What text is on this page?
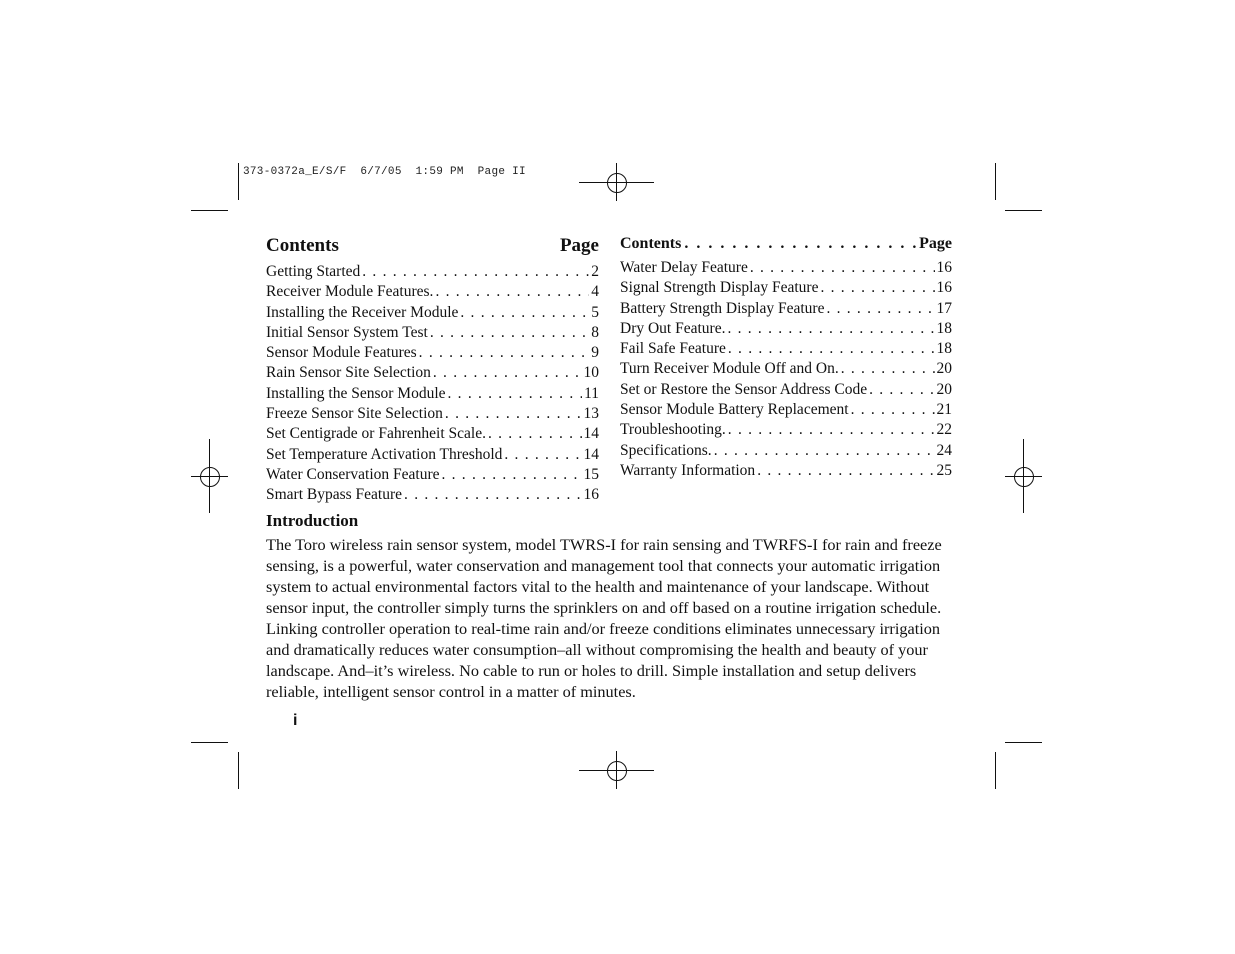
373-0372a_E/S/F  6/7/05  1:59 PM  Page II
Contents	Page
Getting Started . . .	2
Receiver Module Features. . . .	4
Installing the Receiver Module . . .	5
Initial Sensor System Test . . .	8
Sensor Module Features . . .	9
Rain Sensor Site Selection . . .	10
Installing the Sensor Module . . .	11
Freeze Sensor Site Selection . . .	13
Set Centigrade or Fahrenheit Scale. . . .	14
Set Temperature Activation Threshold . . .	14
Water Conservation Feature . . .	15
Smart Bypass Feature . . .	16
Contents . . .	Page
Water Delay Feature . . .	16
Signal Strength Display Feature . . .	16
Battery Strength Display Feature . . .	17
Dry Out Feature. . . .	18
Fail Safe Feature . . .	18
Turn Receiver Module Off and On. . . .	20
Set or Restore the Sensor Address Code . . .	20
Sensor Module Battery Replacement . . .	21
Troubleshooting. . . .	22
Specifications. . . .	24
Warranty Information . . .	25
Introduction
The Toro wireless rain sensor system, model TWRS-I for rain sensing and TWRFS-I for rain and freeze sensing, is a powerful, water conservation and management tool that connects your automatic irrigation system to actual environmental factors vital to the health and maintenance of your landscape. Without sensor input, the controller simply turns the sprinklers on and off based on a routine irrigation schedule. Linking controller operation to real-time rain and/or freeze conditions eliminates unnecessary irrigation and dramatically reduces water consumption–all without compromising the health and beauty of your landscape. And–it’s wireless. No cable to run or holes to drill. Simple installation and setup delivers reliable, intelligent sensor control in a matter of minutes.
i
